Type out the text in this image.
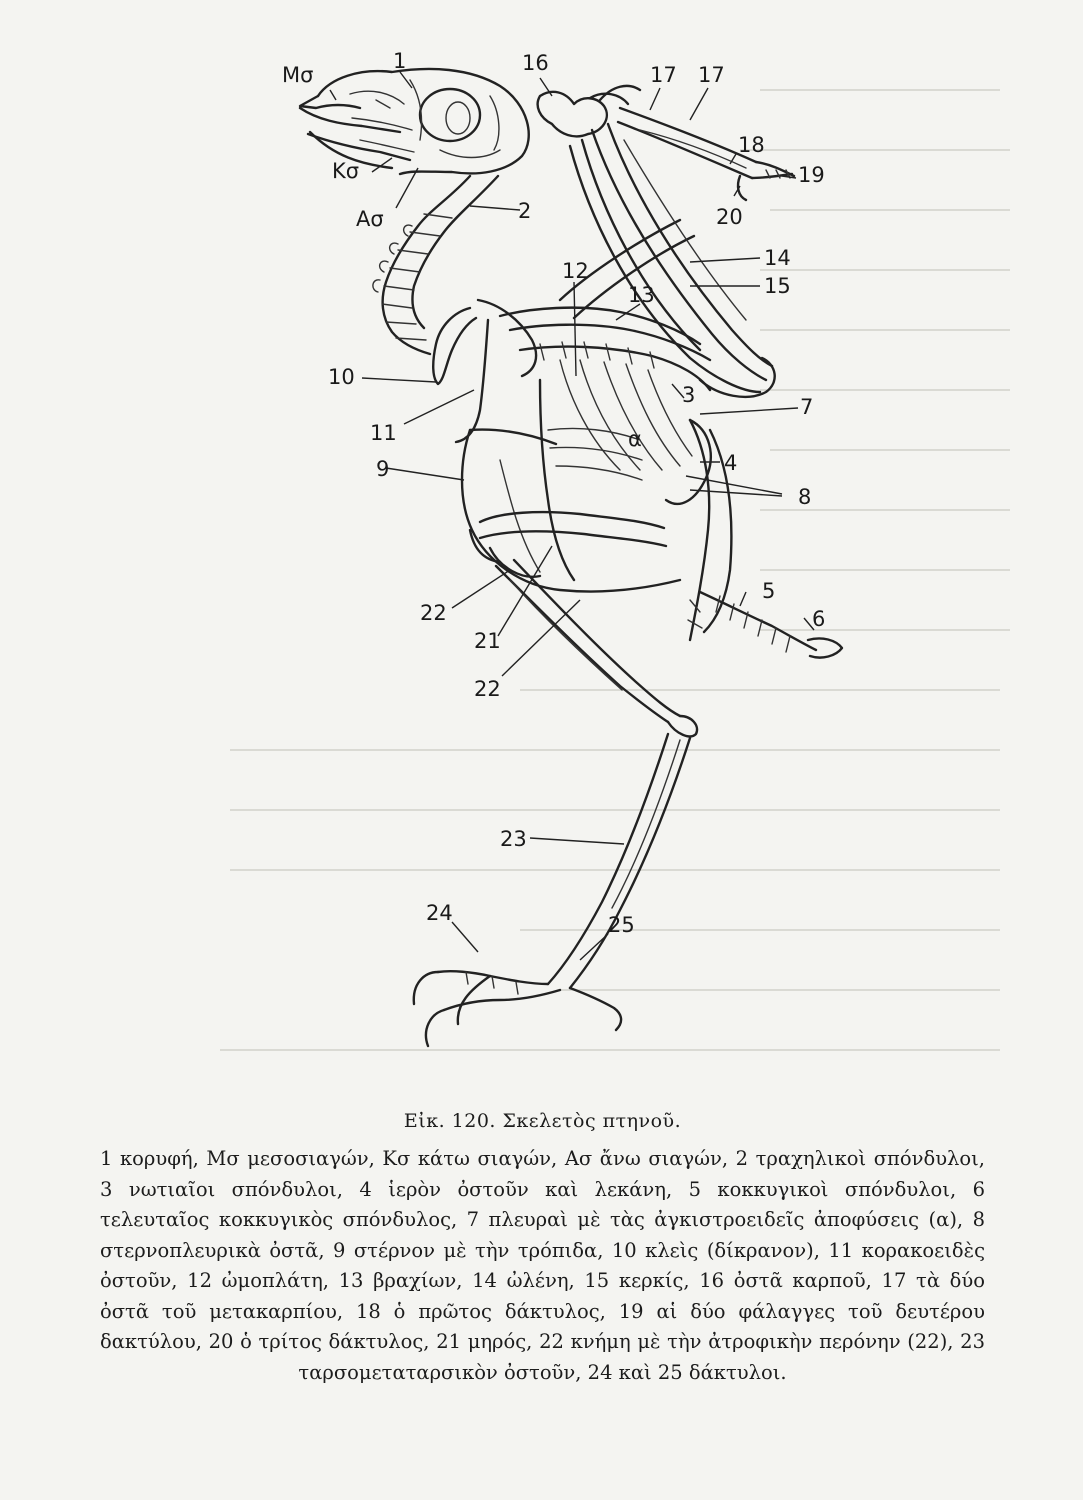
Μσ
1
Κσ
Ασ	2
16	17 17
18
19
20
12
13
14
15
10
3	7
11	α
4
9
8
5
22	6
21
22
23
24	25

Εἰκ. 120. Σκελετὸς πτηνοῦ.

1 κορυφή, Μσ μεσοσιαγών, Κσ κάτω σιαγών, Ασ ἄνω σιαγών, 2 τραχηλικοὶ σπόνδυλοι, 3 νωτιαῖοι σπόνδυλοι, 4 ἱερὸν ὀστοῦν καὶ λεκάνη, 5 κοκκυγικοὶ σπόνδυλοι, 6 τελευταῖος κοκκυγικὸς σπόνδυλος, 7 πλευραὶ μὲ τὰς ἀγκιστροειδεῖς ἀποφύσεις (α), 8 στερνοπλευρικὰ ὀστᾶ, 9 στέρνον μὲ τὴν τρόπιδα, 10 κλεὶς (δίκρανον), 11 κορακοειδὲς ὀστοῦν, 12 ὠμοπλάτη, 13 βραχίων, 14 ὠλένη, 15 κερκίς, 16 ὀστᾶ καρποῦ, 17 τὰ δύο ὀστᾶ τοῦ μετακαρπίου, 18 ὁ πρῶτος δάκτυλος, 19 αἱ δύο φάλαγγες τοῦ δευτέρου δακτύλου, 20 ὁ τρίτος δάκτυλος, 21 μηρός, 22 κνήμη μὲ τὴν ἀτροφικὴν περόνην (22), 23 ταρσομεταταρσικὸν ὀστοῦν, 24 καὶ 25 δάκτυλοι.
